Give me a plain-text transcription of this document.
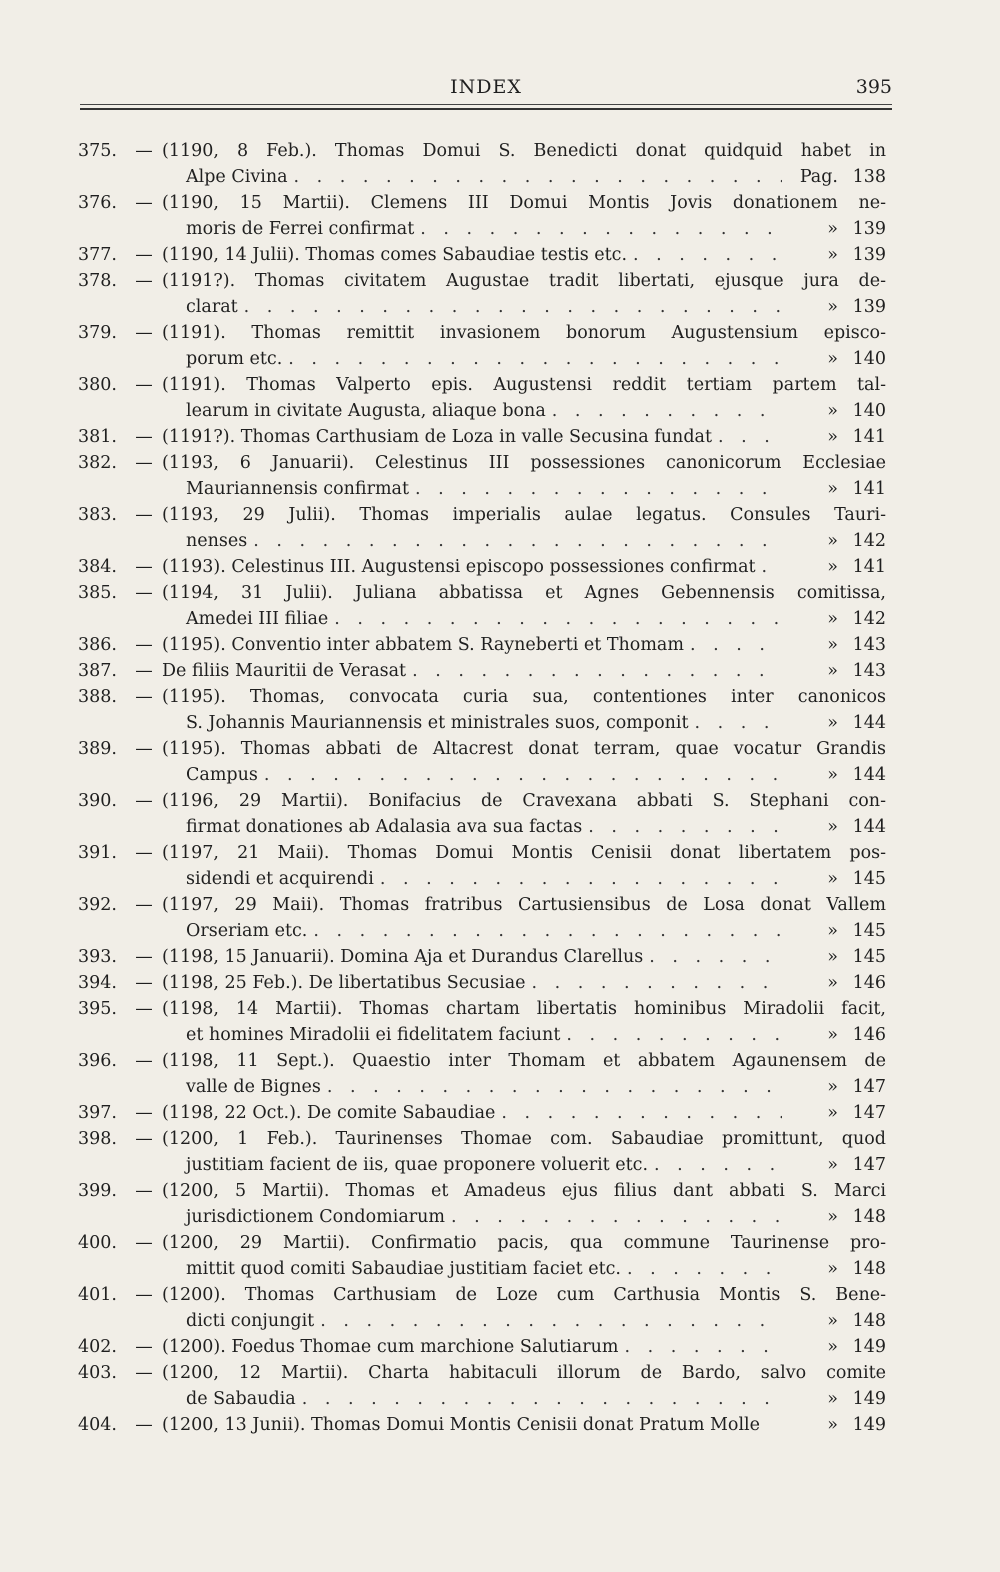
INDEX	395
375.	— (1190, 8 Feb.). Thomas Domui S. Benedicti donat quidquid habet in
Alpe Civina . . .	Pag. 138
376.	— (1190, 15 Martii). Clemens III Domui Montis Jovis donationem ne-
moris de Ferrei confirmat . . .	» 139
377.	— (1190, 14 Julii). Thomas comes Sabaudiae testis etc. . . .	» 139
378.	— (1191?). Thomas civitatem Augustae tradit libertati, ejusque jura de-
clarat . . .	» 139
379.	— (1191). Thomas remittit invasionem bonorum Augustensium episco-
porum etc. . . .	» 140
380.	— (1191). Thomas Valperto epis. Augustensi reddit tertiam partem tal-
learum in civitate Augusta, aliaque bona . . .	» 140
381.	— (1191?). Thomas Carthusiam de Loza in valle Secusina fundat . . .	» 141
382.	— (1193, 6 Januarii). Celestinus III possessiones canonicorum Ecclesiae
Mauriannensis confirmat . . .	» 141
383.	— (1193, 29 Julii). Thomas imperialis aulae legatus. Consules Tauri-
nenses . . .	» 142
384.	— (1193). Celestinus III. Augustensi episcopo possessiones confirmat . . .	» 141
385.	— (1194, 31 Julii). Juliana abbatissa et Agnes Gebennensis comitissa,
Amedei III filiae . . .	» 142
386.	— (1195). Conventio inter abbatem S. Rayneberti et Thomam . . .	» 143
387.	— De filiis Mauritii de Verasat . . .	» 143
388.	— (1195). Thomas, convocata curia sua, contentiones inter canonicos
S. Johannis Mauriannensis et ministrales suos, componit . . .	» 144
389.	— (1195). Thomas abbati de Altacrest donat terram, quae vocatur Grandis
Campus . . .	» 144
390.	— (1196, 29 Martii). Bonifacius de Cravexana abbati S. Stephani con-
firmat donationes ab Adalasia ava sua factas . . .	» 144
391.	— (1197, 21 Maii). Thomas Domui Montis Cenisii donat libertatem pos-
sidendi et acquirendi . . .	» 145
392.	— (1197, 29 Maii). Thomas fratribus Cartusiensibus de Losa donat Vallem
Orseriam etc. . . .	» 145
393.	— (1198, 15 Januarii). Domina Aja et Durandus Clarellus . . .	» 145
394.	— (1198, 25 Feb.). De libertatibus Secusiae . . .	» 146
395.	— (1198, 14 Martii). Thomas chartam libertatis hominibus Miradolii facit,
et homines Miradolii ei fidelitatem faciunt . . .	» 146
396.	— (1198, 11 Sept.). Quaestio inter Thomam et abbatem Agaunensem de
valle de Bignes . . .	» 147
397.	— (1198, 22 Oct.). De comite Sabaudiae . . .	» 147
398.	— (1200, 1 Feb.). Taurinenses Thomae com. Sabaudiae promittunt, quod
justitiam facient de iis, quae proponere voluerit etc. . . .	» 147
399.	— (1200, 5 Martii). Thomas et Amadeus ejus filius dant abbati S. Marci
jurisdictionem Condomiarum . . .	» 148
400.	— (1200, 29 Martii). Confirmatio pacis, qua commune Taurinense pro-
mittit quod comiti Sabaudiae justitiam faciet etc. . . .	» 148
401.	— (1200). Thomas Carthusiam de Loze cum Carthusia Montis S. Bene-
dicti conjungit . . .	» 148
402.	— (1200). Foedus Thomae cum marchione Salutiarum . . .	» 149
403.	— (1200, 12 Martii). Charta habitaculi illorum de Bardo, salvo comite
de Sabaudia . . .	» 149
404.	— (1200, 13 Junii). Thomas Domui Montis Cenisii donat Pratum Molle	» 149
